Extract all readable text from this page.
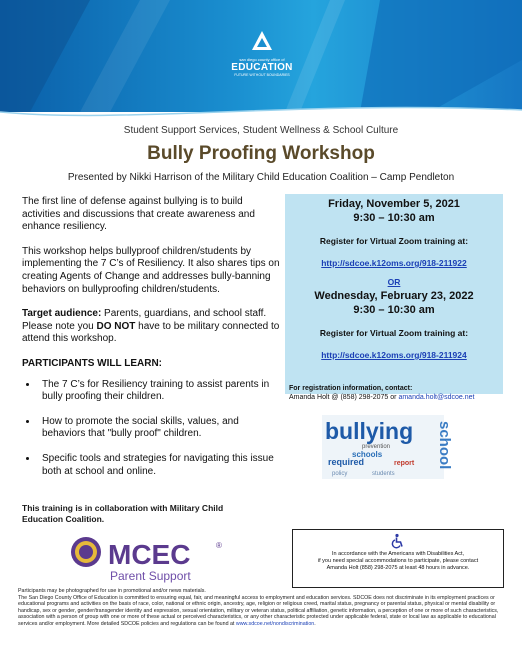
san diego county office of
EDUCATION
FUTURE WITHOUT BOUNDARIES
Student Support Services, Student Wellness & School Culture
Bully Proofing Workshop
Presented by Nikki Harrison of the Military Child Education Coalition – Camp Pendleton

The first line of defense against bullying is to build activities and discussions that create awareness and enhance resiliency.

This workshop helps bullyproof children/students by implementing the 7 C’s of Resiliency. It also shares tips on creating Agents of Change and addresses bully-banning behaviors on bullyproofing children/students.

Target audience: Parents, guardians, and school staff. Please note you DO NOT have to be military connected to attend this workshop.

PARTICIPANTS WILL LEARN:
• The 7 C’s for Resiliency training to assist parents in bully proofing their children.
• How to promote the social skills, values, and behaviors that "bully proof" children.
• Specific tools and strategies for navigating this issue both at school and online.
This training is in collaboration with Military Child Education Coalition.
Friday, November 5, 2021
9:30 – 10:30 am
Register for Virtual Zoom training at:
http://sdcoe.k12oms.org/918-211922
OR
Wednesday, February 23, 2022
9:30 – 10:30 am
Register for Virtual Zoom training at:
http://sdcoe.k12oms.org/918-211924
For registration information, contact:
Amanda Holt @ (858) 298-2075 or amanda.holt@sdcoe.net
bullying school
prevention
schools
required	report
policy	students
MCEC	®
Parent Support
In accordance with the Americans with Disabilities Act,
if you need special accommodations to participate, please contact
Amanda Holt (858) 298-2075 at least 48 hours in advance.
Participants may be photographed for use in promotional and/or news materials.
The San Diego County Office of Education is committed to ensuring equal, fair, and meaningful access to employment and education services. SDCOE does not discriminate in its employment practices or educational programs and activities on the basis of race, color, national or ethnic origin, ancestry, age, religion or religious creed, marital status, pregnancy or parental status, physical or mental disability or handicap, sex or gender, gender/transgender identity and expression, sexual orientation, military or veteran status, political affiliation, genetic information, a perception of one or more of such characteristics, association with a person of group with one or more of these actual or perceived characteristics, or any other characteristic protected under applicable federal, state or local law as applicable to educational services and/or employment. More detailed SDCOE policies and regulations can be found at www.sdcoe.net/nondiscrimination.
